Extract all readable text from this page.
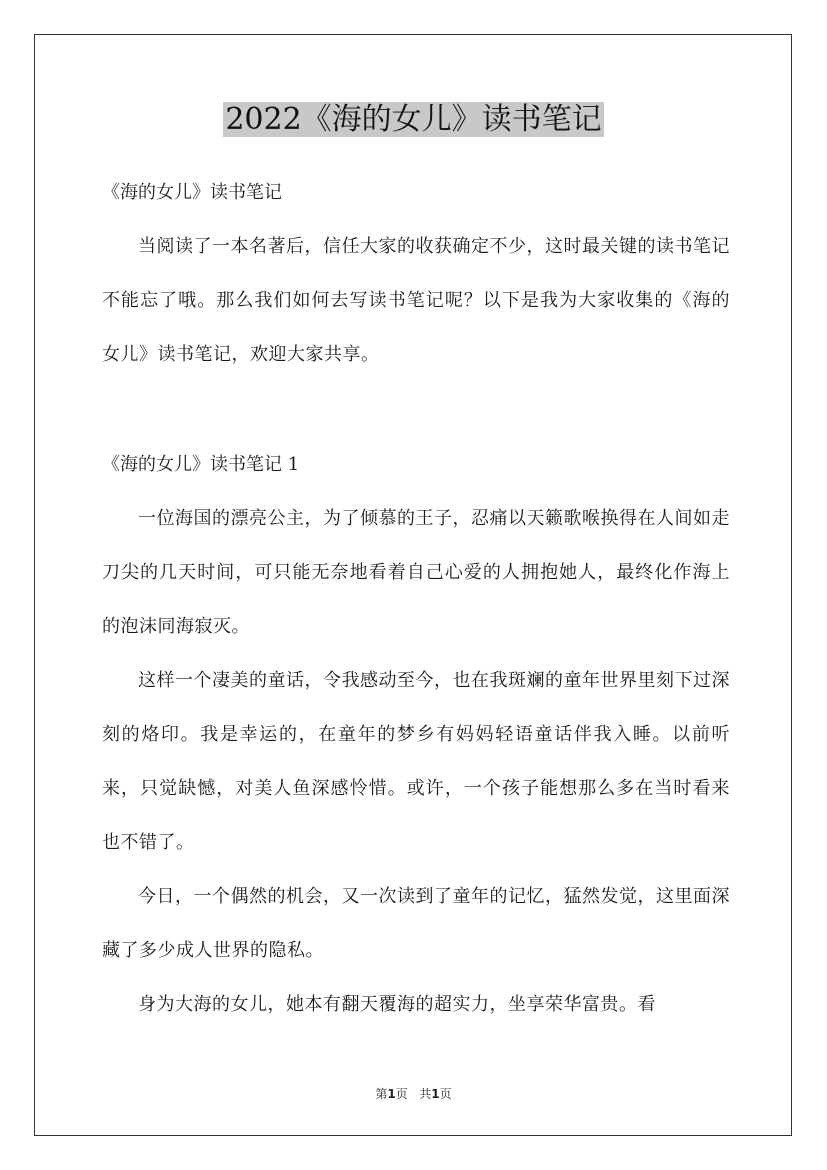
2022《海的女儿》读书笔记
《海的女儿》读书笔记

当阅读了一本名著后，信任大家的收获确定不少，这时最关键的读书笔记不能忘了哦。那么我们如何去写读书笔记呢？以下是我为大家收集的《海的女儿》读书笔记，欢迎大家共享。

《海的女儿》读书笔记 1

一位海国的漂亮公主，为了倾慕的王子，忍痛以天籁歌喉换得在人间如走刀尖的几天时间，可只能无奈地看着自己心爱的人拥抱她人，最终化作海上的泡沫同海寂灭。

这样一个凄美的童话，令我感动至今，也在我斑斓的童年世界里刻下过深刻的烙印。我是幸运的，在童年的梦乡有妈妈轻语童话伴我入睡。以前听来，只觉缺憾，对美人鱼深感怜惜。或许，一个孩子能想那么多在当时看来也不错了。

今日，一个偶然的机会，又一次读到了童年的记忆，猛然发觉，这里面深藏了多少成人世界的隐私。

身为大海的女儿，她本有翻天覆海的超实力，坐享荣华富贵。看

第1页 共1页
